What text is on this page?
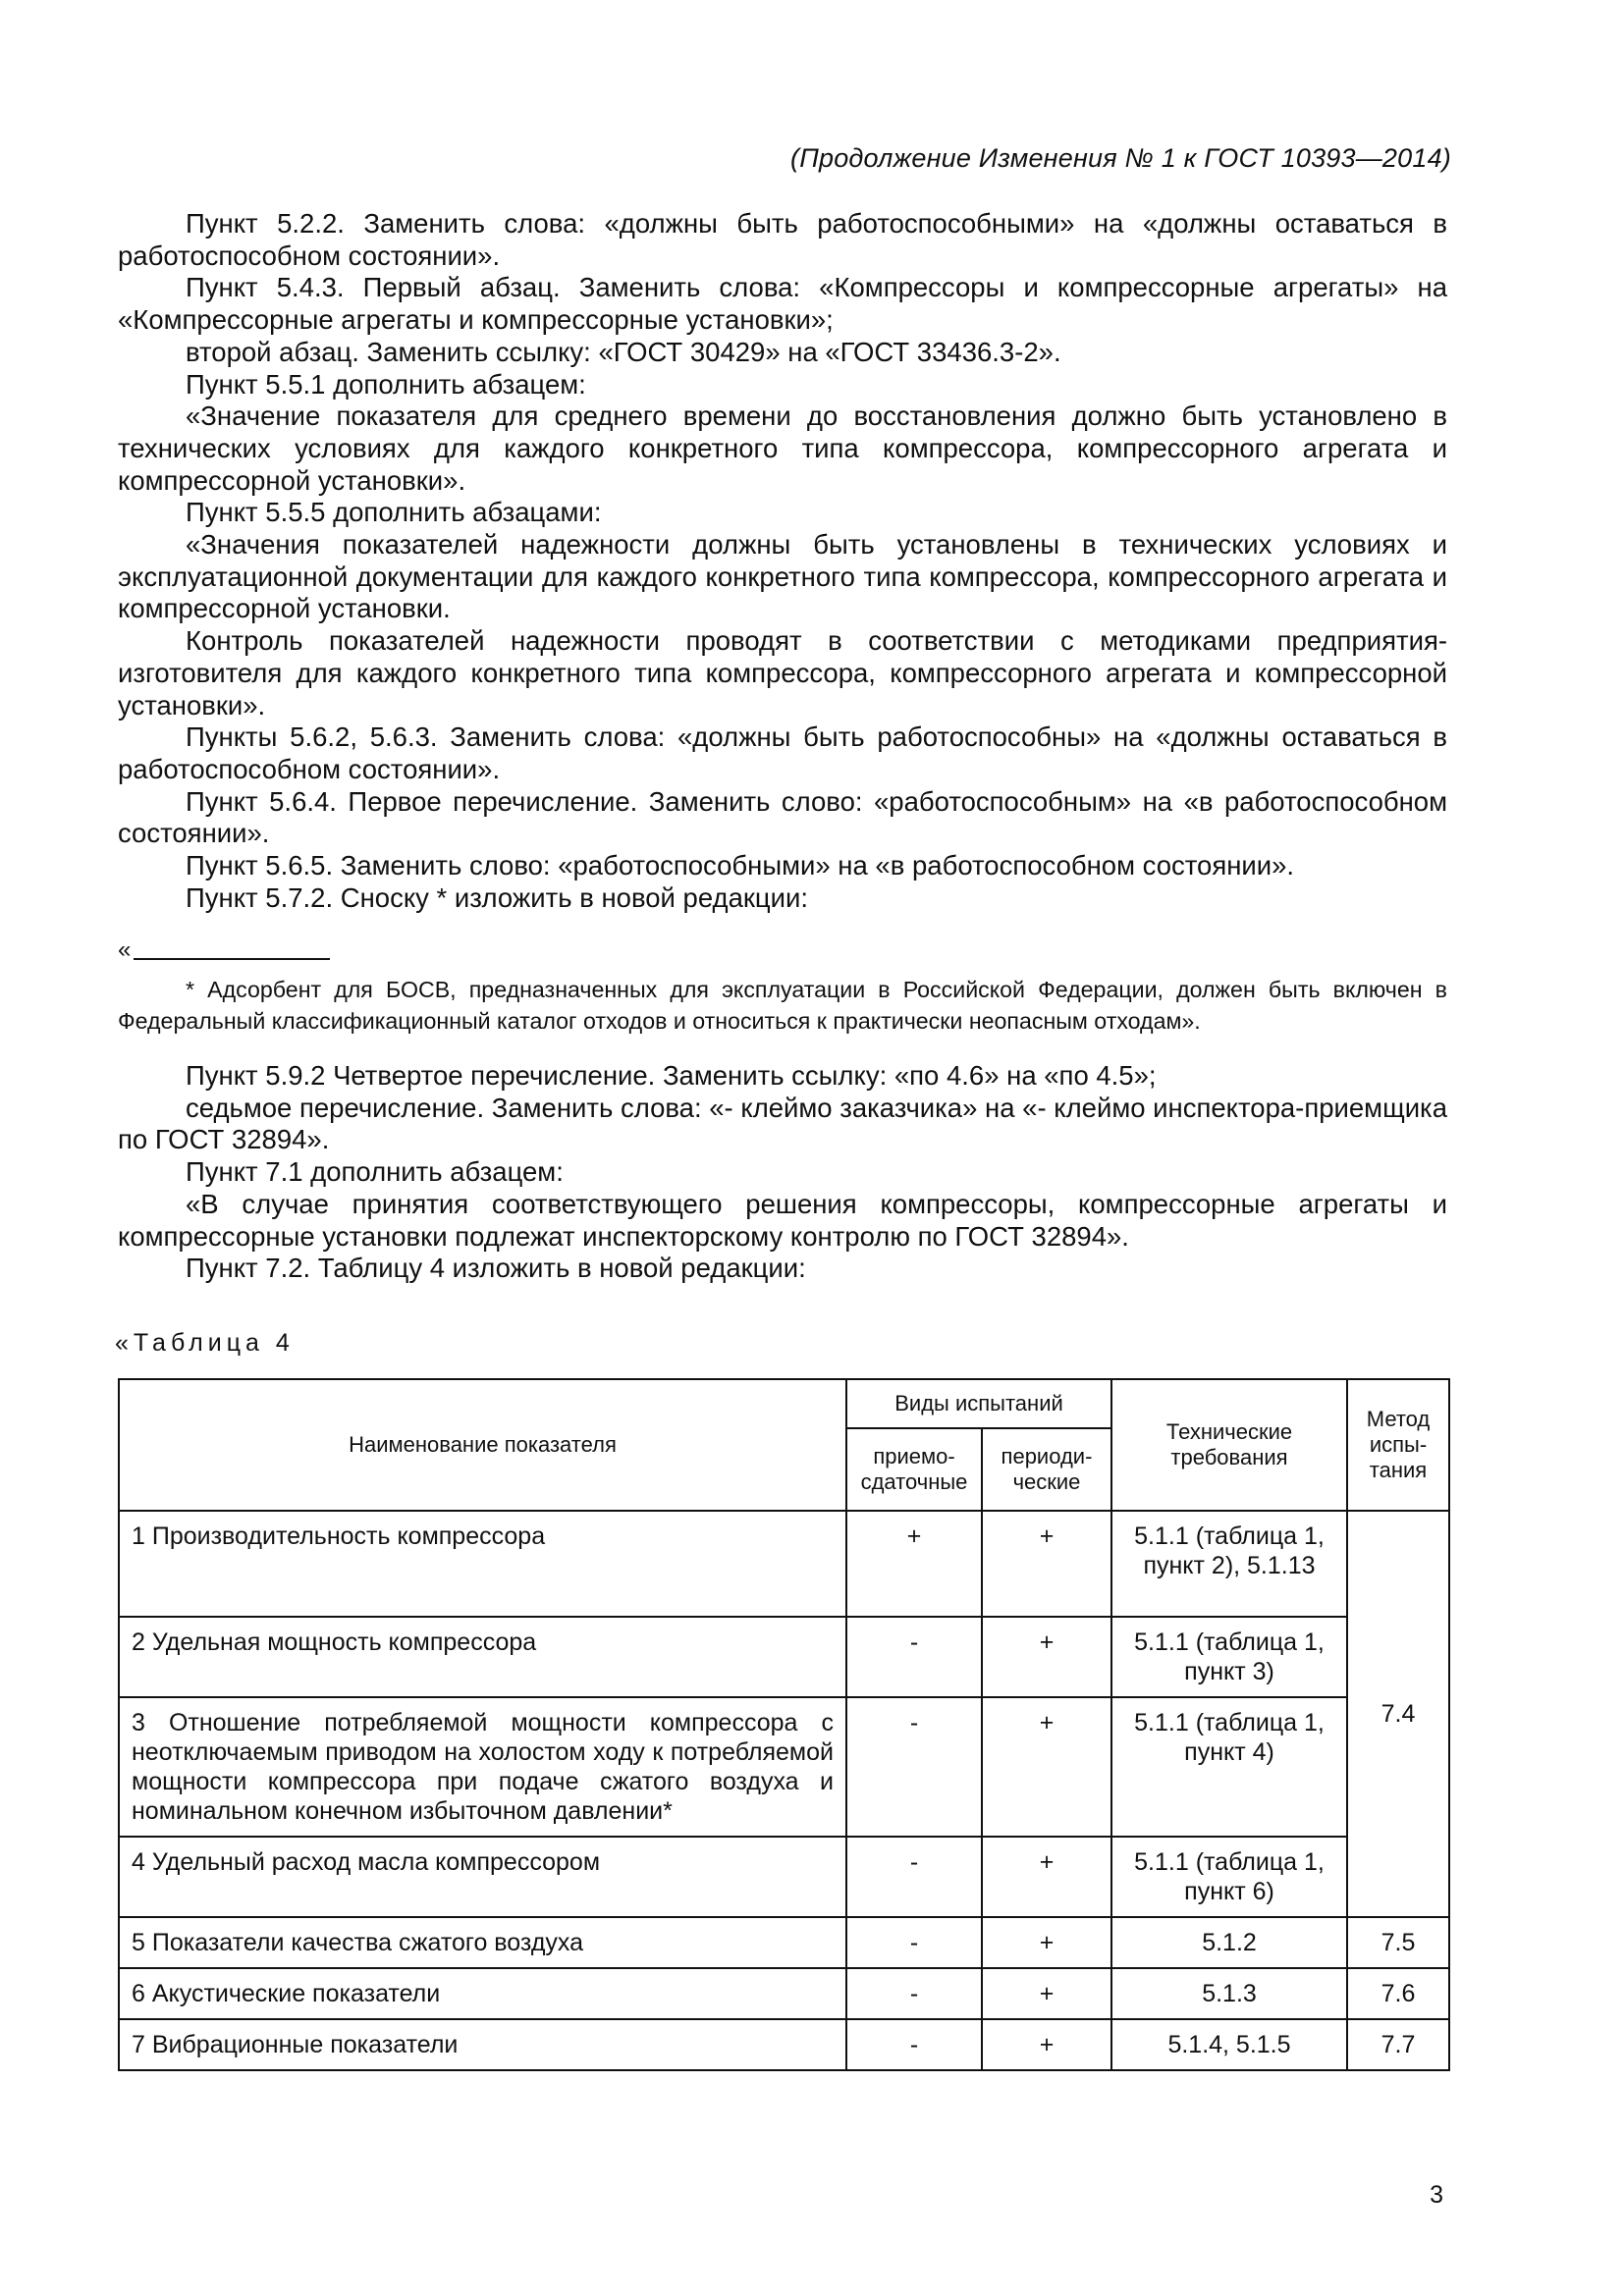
(Продолжение Изменения № 1 к ГОСТ 10393—2014)

Пункт 5.2.2. Заменить слова: «должны быть работоспособными» на «должны оставаться в работоспособном состоянии».

Пункт 5.4.3. Первый абзац. Заменить слова: «Компрессоры и компрессорные агрегаты» на «Компрессорные агрегаты и компрессорные установки»;

второй абзац. Заменить ссылку: «ГОСТ 30429» на «ГОСТ 33436.3-2».

Пункт 5.5.1 дополнить абзацем:

«Значение показателя для среднего времени до восстановления должно быть установлено в технических условиях для каждого конкретного типа компрессора, компрессорного агрегата и компрессорной установки».

Пункт 5.5.5 дополнить абзацами:

«Значения показателей надежности должны быть установлены в технических условиях и эксплуатационной документации для каждого конкретного типа компрессора, компрессорного агрегата и компрессорной установки.

Контроль показателей надежности проводят в соответствии с методиками предприятия-изготовителя для каждого конкретного типа компрессора, компрессорного агрегата и компрессорной установки».

Пункты 5.6.2, 5.6.3. Заменить слова: «должны быть работоспособны» на «должны оставаться в работоспособном состоянии».

Пункт 5.6.4. Первое перечисление. Заменить слово: «работоспособным» на «в работоспособном состоянии».

Пункт 5.6.5. Заменить слово: «работоспособными» на «в работоспособном состоянии».

Пункт 5.7.2. Сноску * изложить в новой редакции:

«

* Адсорбент для БОСВ, предназначенных для эксплуатации в Российской Федерации, должен быть включен в Федеральный классификационный каталог отходов и относиться к практически неопасным отходам».

Пункт 5.9.2 Четвертое перечисление. Заменить ссылку: «по 4.6» на «по 4.5»;

седьмое перечисление. Заменить слова: «- клеймо заказчика» на «- клеймо инспектора-приемщика по ГОСТ 32894».

Пункт 7.1 дополнить абзацем:

«В случае принятия соответствующего решения компрессоры, компрессорные агрегаты и компрессорные установки подлежат инспекторскому контролю по ГОСТ 32894».

Пункт 7.2. Таблицу 4 изложить в новой редакции:

«Таблица 4
Наименование показателя	Виды испытаний		Технические требования	Метод испы-тания
	приемо-сдаточные	периоди-ческие		
1 Производительность компрессора	+	+	5.1.1 (таблица 1, пункт 2), 5.1.13	7.4
2 Удельная мощность компрессора	-	+	5.1.1 (таблица 1, пункт 3)	
3 Отношение потребляемой мощности компрессора с неотключаемым приводом на холостом ходу к потребляемой мощности компрессора при подаче сжатого воздуха и номинальном конечном избыточном давлении*	-	+	5.1.1 (таблица 1, пункт 4)	
4 Удельный расход масла компрессором	-	+	5.1.1 (таблица 1, пункт 6)	
5 Показатели качества сжатого воздуха	-	+	5.1.2	7.5
6 Акустические показатели	-	+	5.1.3	7.6
7 Вибрационные показатели	-	+	5.1.4, 5.1.5	7.7
3
